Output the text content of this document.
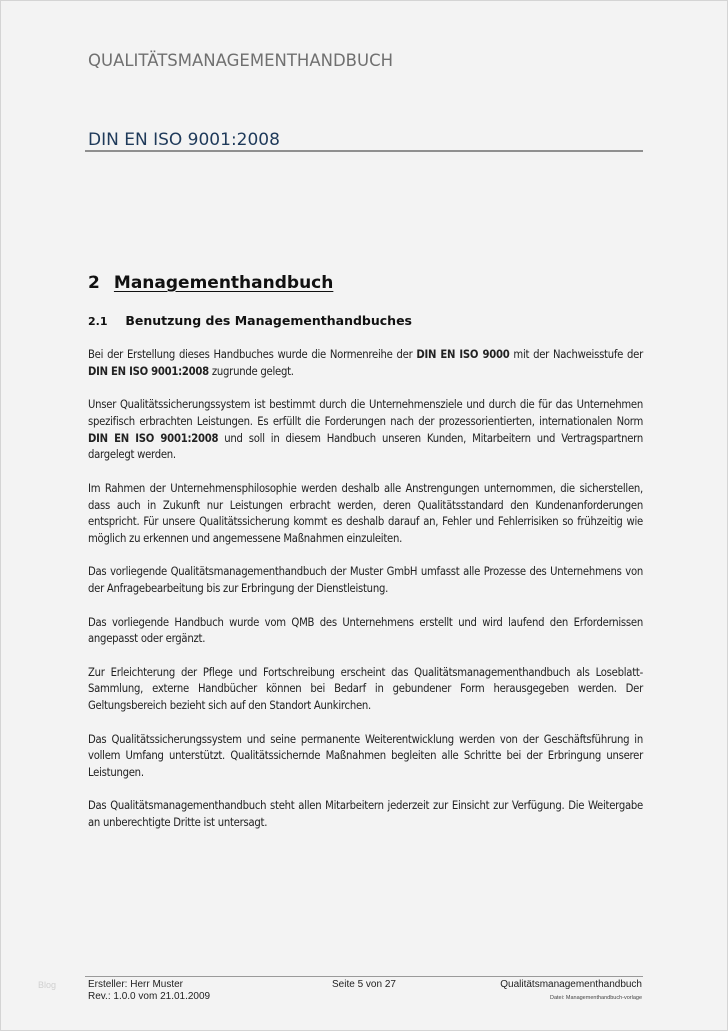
QUALITÄTSMANAGEMENTHANDBUCH
DIN EN ISO 9001:2008
2 Managementhandbuch
2.1 Benutzung des Managementhandbuches

Bei der Erstellung dieses Handbuches wurde die Normenreihe der DIN EN ISO 9000 mit der Nachweisstufe der DIN EN ISO 9001:2008 zugrunde gelegt.

Unser Qualitätssicherungssystem ist bestimmt durch die Unternehmensziele und durch die für das Unternehmen spezifisch erbrachten Leistungen. Es erfüllt die Forderungen nach der prozessorientierten, internationalen Norm DIN EN ISO 9001:2008 und soll in diesem Handbuch unseren Kunden, Mitarbeitern und Vertragspartnern dargelegt werden.

Im Rahmen der Unternehmensphilosophie werden deshalb alle Anstrengungen unternommen, die sicherstellen, dass auch in Zukunft nur Leistungen erbracht werden, deren Qualitätsstandard den Kundenanforderungen entspricht. Für unsere Qualitätssicherung kommt es deshalb darauf an, Fehler und Fehlerrisiken so frühzeitig wie möglich zu erkennen und angemessene Maßnahmen einzuleiten.

Das vorliegende Qualitätsmanagementhandbuch der Muster GmbH umfasst alle Prozesse des Unternehmens von der Anfragebearbeitung bis zur Erbringung der Dienstleistung.

Das vorliegende Handbuch wurde vom QMB des Unternehmens erstellt und wird laufend den Erfordernissen angepasst oder ergänzt.

Zur Erleichterung der Pflege und Fortschreibung erscheint das Qualitätsmanagementhandbuch als Loseblatt-Sammlung, externe Handbücher können bei Bedarf in gebundener Form herausgegeben werden. Der Geltungsbereich bezieht sich auf den Standort Aunkirchen.

Das Qualitätssicherungssystem und seine permanente Weiterentwicklung werden von der Geschäftsführung in vollem Umfang unterstützt. Qualitätssichernde Maßnahmen begleiten alle Schritte bei der Erbringung unserer Leistungen.

Das Qualitätsmanagementhandbuch steht allen Mitarbeitern jederzeit zur Einsicht zur Verfügung. Die Weitergabe an unberechtigte Dritte ist untersagt.

Blog	Ersteller: Herr Muster
Rev.: 1.0.0 vom 21.01.2009
Seite 5 von 27	Qualitätsmanagementhandbuch
Datei: Managementhandbuch-vorlage
